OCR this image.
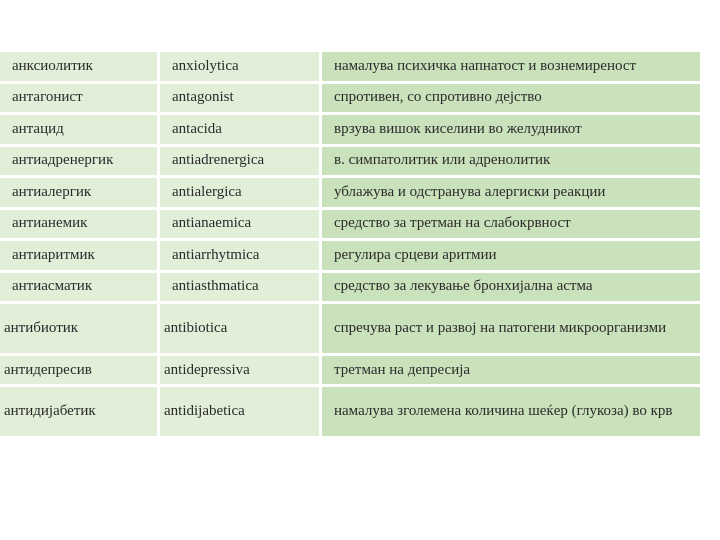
анксиолитик	anxiolytica	намалува психичка напнатост и вознемиреност
антагонист	antagonist	спротивен, со спротивно дејство
антацид	antacida	врзува вишок киселини во желудникот
антиадренергик	antiadrenergica	в. симпатолитик или адренолитик
антиалергик	antialergica	ублажува и одстранува алергиски реакции
антианемик	antianaemica	средство за третман на слабокрвност
антиаритмик	antiarrhytmica	регулира срцеви аритмии
антиасматик	antiasthmatica	средство за лекување бронхијална астма
антибиотик	antibiotica	спречува раст и развој на патогени микроорганизми
антидепресив	antidepressiva	третман на депресија
антидијабетик	antidijabetica	намалува зголемена количина шеќер (глукоза) во крв
